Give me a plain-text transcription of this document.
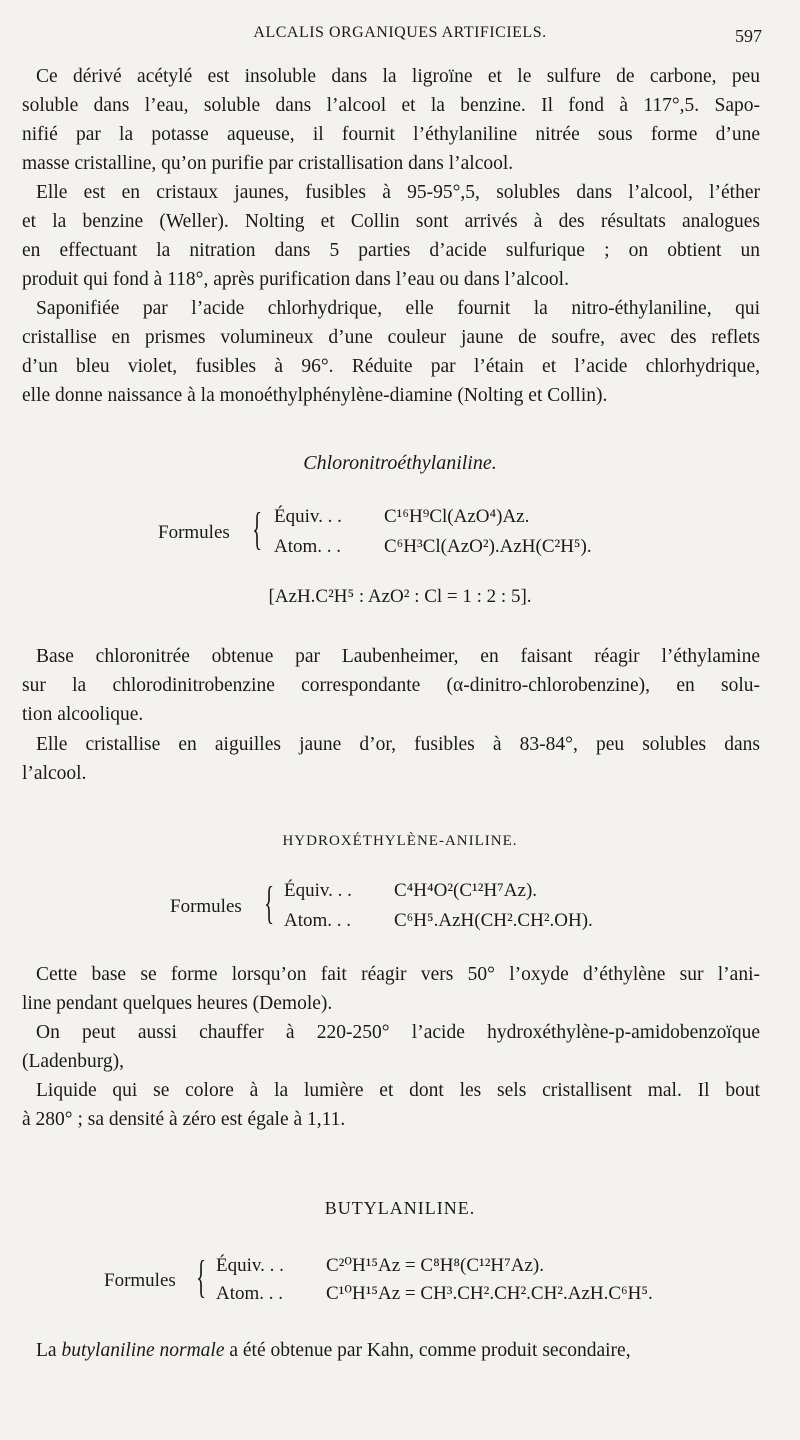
ALCALIS ORGANIQUES ARTIFICIELS.	597
Ce dérivé acétylé est insoluble dans la ligroïne et le sulfure de carbone, peu
soluble dans l’eau, soluble dans l’alcool et la benzine. Il fond à 117°,5. Sapo-
nifié par la potasse aqueuse, il fournit l’éthylaniline nitrée sous forme d’une
masse cristalline, qu’on purifie par cristallisation dans l’alcool.
Elle est en cristaux jaunes, fusibles à 95-95°,5, solubles dans l’alcool, l’éther
et la benzine (Weller). Nolting et Collin sont arrivés à des résultats analogues
en effectuant la nitration dans 5 parties d’acide sulfurique ; on obtient un
produit qui fond à 118°, après purification dans l’eau ou dans l’alcool.
Saponifiée par l’acide chlorhydrique, elle fournit la nitro-éthylaniline, qui
cristallise en prismes volumineux d’une couleur jaune de soufre, avec des reflets
d’un bleu violet, fusibles à 96°. Réduite par l’étain et l’acide chlorhydrique,
elle donne naissance à la monoéthylphénylène-diamine (Nolting et Collin).
Chloronitroéthylaniline.
Formules { Équiv. . . C¹⁶H⁹Cl(AzO⁴)Az.
Atom. . . C⁶H³Cl(AzO²).AzH(C²H⁵).
[AzH.C²H⁵ : AzO² : Cl = 1 : 2 : 5].
Base chloronitrée obtenue par Laubenheimer, en faisant réagir l’éthylamine
sur la chlorodinitrobenzine correspondante (α-dinitro-chlorobenzine), en solu-
tion alcoolique.
Elle cristallise en aiguilles jaune d’or, fusibles à 83-84°, peu solubles dans
l’alcool.
HYDROXÉTHYLÈNE-ANILINE.
Formules { Équiv. . . C⁴H⁴O²(C¹²H⁷Az).
Atom. . . C⁶H⁵.AzH(CH².CH².OH).
Cette base se forme lorsqu’on fait réagir vers 50° l’oxyde d’éthylène sur l’ani-
line pendant quelques heures (Demole).
On peut aussi chauffer à 220-250° l’acide hydroxéthylène-p-amidobenzoïque
(Ladenburg),
Liquide qui se colore à la lumière et dont les sels cristallisent mal. Il bout
à 280° ; sa densité à zéro est égale à 1,11.
BUTYLANILINE.
Formules { Équiv. . . C²⁰H¹⁵Az = C⁸H⁸(C¹²H⁷Az).
Atom. . . C¹⁰H¹⁵Az = CH³.CH².CH².CH².AzH.C⁶H⁵.
La butylaniline normale a été obtenue par Kahn, comme produit secondaire,
